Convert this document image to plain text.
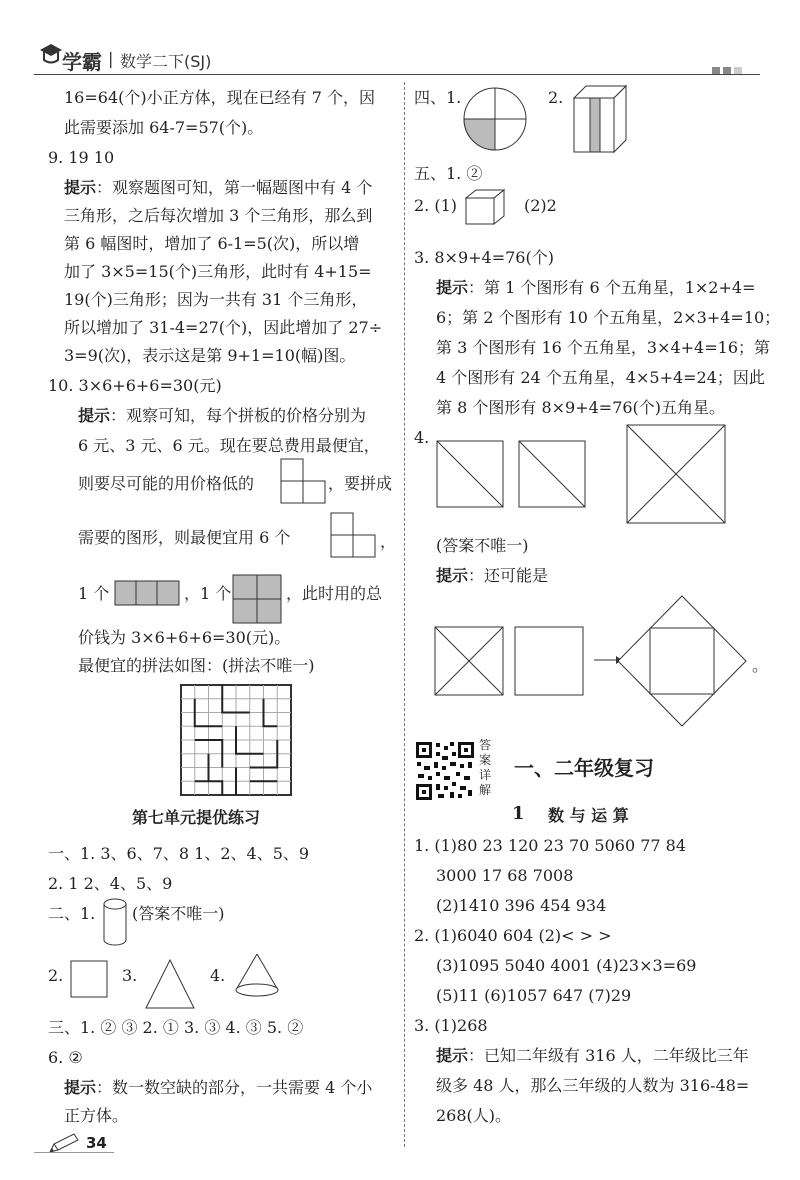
学霸 | 数学二下(SJ)
16=64(个)小正方体，现在已经有 7 个，因
此需要添加 64-7=57(个)。
9. 19 10
提示：观察题图可知，第一幅题图中有 4 个
三角形，之后每次增加 3 个三角形，那么到
第 6 幅图时，增加了 6-1=5(次)，所以增
加了 3×5=15(个)三角形，此时有 4+15=
19(个)三角形；因为一共有 31 个三角形，
所以增加了 31-4=27(个)，因此增加了 27÷
3=9(次)，表示这是第 9+1=10(幅)图。
10. 3×6+6+6=30(元)
提示：观察可知，每个拼板的价格分别为
6 元、3 元、6 元。现在要总费用最便宜，
则要尽可能的用价格低的	，要拼成
需要的图形，则最便宜用 6 个	，
1 个	，1 个	，此时用的总
价钱为 3×6+6+6=30(元)。
最便宜的拼法如图：(拼法不唯一)
第七单元提优练习
一、1. 3、6、7、8 1、2、4、5、9
2. 1 2、4、5、9
二、1. (答案不唯一)
2.	3.	4.
三、1. ② ③ 2. ① 3. ③ 4. ③ 5. ②
6. ②
提示：数一数空缺的部分，一共需要 4 个小
正方体。
四、1.	2.
五、1. ②
2. (1)	(2)2
3. 8×9+4=76(个)
提示：第 1 个图形有 6 个五角星，1×2+4=
6；第 2 个图形有 10 个五角星，2×3+4=10；
第 3 个图形有 16 个五角星，3×4+4=16；第
4 个图形有 24 个五角星，4×5+4=24；因此
第 8 个图形有 8×9+4=76(个)五角星。
4.
(答案不唯一)
提示：还可能是
。
答
案
详
解
一、二年级复习
1 数 与 运 算
1. (1)80 23 120 23 70 5060 77 84
3000 17 68 7008
(2)1410 396 454 934
2. (1)6040 604 (2)< > >
(3)1095 5040 4001 (4)23×3=69
(5)11 (6)1057 647 (7)29
3. (1)268
提示：已知二年级有 316 人，二年级比三年
级多 48 人，那么三年级的人数为 316-48=
268(人)。
34
